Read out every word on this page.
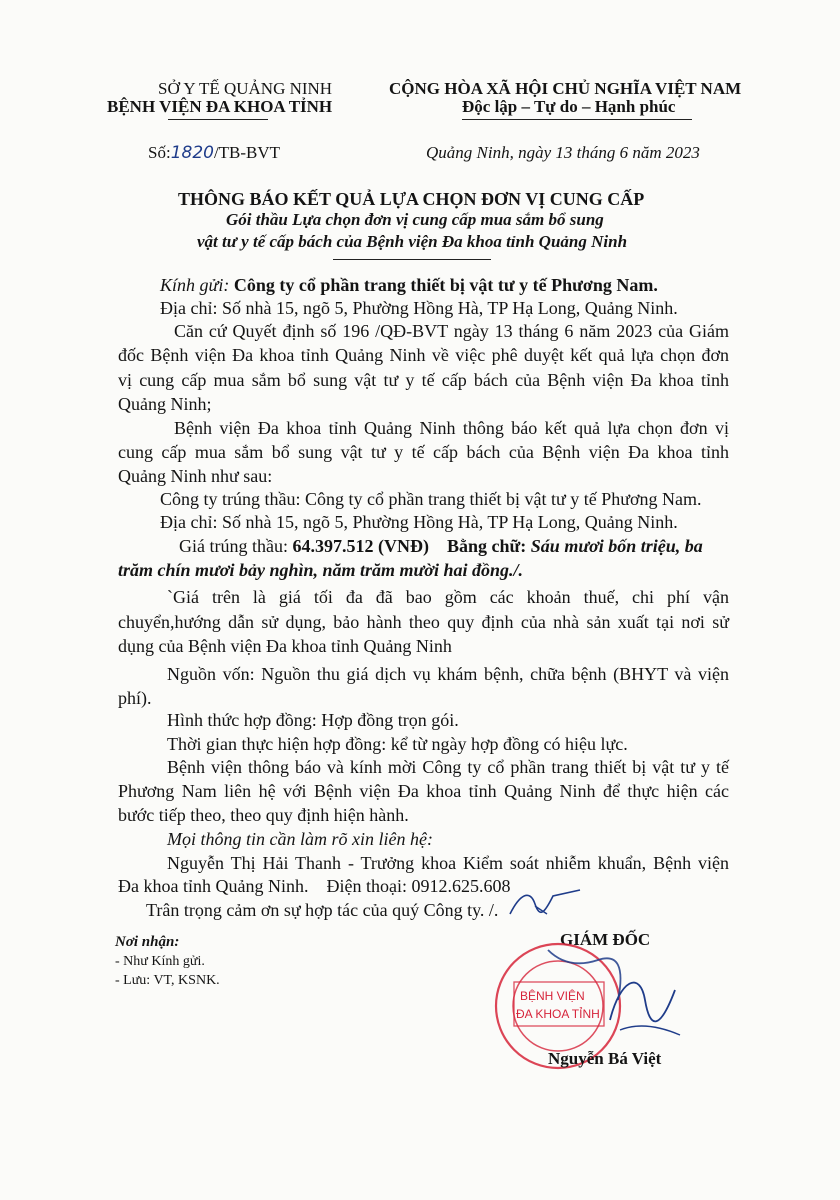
SỞ Y TẾ QUẢNG NINH
BỆNH VIỆN ĐA KHOA TỈNH
CỘNG HÒA XÃ HỘI CHỦ NGHĨA VIỆT NAM
Độc lập – Tự do – Hạnh phúc
Số:1820/TB-BVT	Quảng Ninh, ngày 13 tháng 6 năm 2023
THÔNG BÁO KẾT QUẢ LỰA CHỌN ĐƠN VỊ CUNG CẤP
Gói thầu Lựa chọn đơn vị cung cấp mua sắm bổ sung
vật tư y tế cấp bách của Bệnh viện Đa khoa tỉnh Quảng Ninh
Kính gửi: Công ty cổ phần trang thiết bị vật tư y tế Phương Nam.
Địa chỉ: Số nhà 15, ngõ 5, Phường Hồng Hà, TP Hạ Long, Quảng Ninh.
Căn cứ Quyết định số 196 /QĐ-BVT ngày 13 tháng 6 năm 2023 của Giám
đốc Bệnh viện Đa khoa tỉnh Quảng Ninh về việc phê duyệt kết quả lựa chọn đơn
vị cung cấp mua sắm bổ sung vật tư y tế cấp bách của Bệnh viện Đa khoa tỉnh
Quảng Ninh;
Bệnh viện Đa khoa tỉnh Quảng Ninh thông báo kết quả lựa chọn đơn vị
cung cấp mua sắm bổ sung vật tư y tế cấp bách của Bệnh viện Đa khoa tỉnh
Quảng Ninh như sau:
Công ty trúng thầu: Công ty cổ phần trang thiết bị vật tư y tế Phương Nam.
Địa chỉ: Số nhà 15, ngõ 5, Phường Hồng Hà, TP Hạ Long, Quảng Ninh.
Giá trúng thầu: 64.397.512 (VNĐ) Bằng chữ: Sáu mươi bốn triệu, ba
trăm chín mươi bảy nghìn, năm trăm mười hai đồng./.
`Giá trên là giá tối đa đã bao gồm các khoản thuế, chi phí vận
chuyển,hướng dẫn sử dụng, bảo hành theo quy định của nhà sản xuất tại nơi sử
dụng của Bệnh viện Đa khoa tỉnh Quảng Ninh
Nguồn vốn: Nguồn thu giá dịch vụ khám bệnh, chữa bệnh (BHYT và viện
phí).
Hình thức hợp đồng: Hợp đồng trọn gói.
Thời gian thực hiện hợp đồng: kể từ ngày hợp đồng có hiệu lực.
Bệnh viện thông báo và kính mời Công ty cổ phần trang thiết bị vật tư y tế
Phương Nam liên hệ với Bệnh viện Đa khoa tỉnh Quảng Ninh để thực hiện các
bước tiếp theo, theo quy định hiện hành.
Mọi thông tin cần làm rõ xin liên hệ:
Nguyễn Thị Hải Thanh - Trưởng khoa Kiểm soát nhiễm khuẩn, Bệnh viện
Đa khoa tỉnh Quảng Ninh.    Điện thoại: 0912.625.608
Trân trọng cảm ơn sự hợp tác của quý Công ty. /.
Nơi nhận:
- Như Kính gửi.
- Lưu: VT, KSNK.
GIÁM ĐỐC
BỆNH VIỆN
ĐA KHOA TỈNH
Nguyễn Bá Việt
